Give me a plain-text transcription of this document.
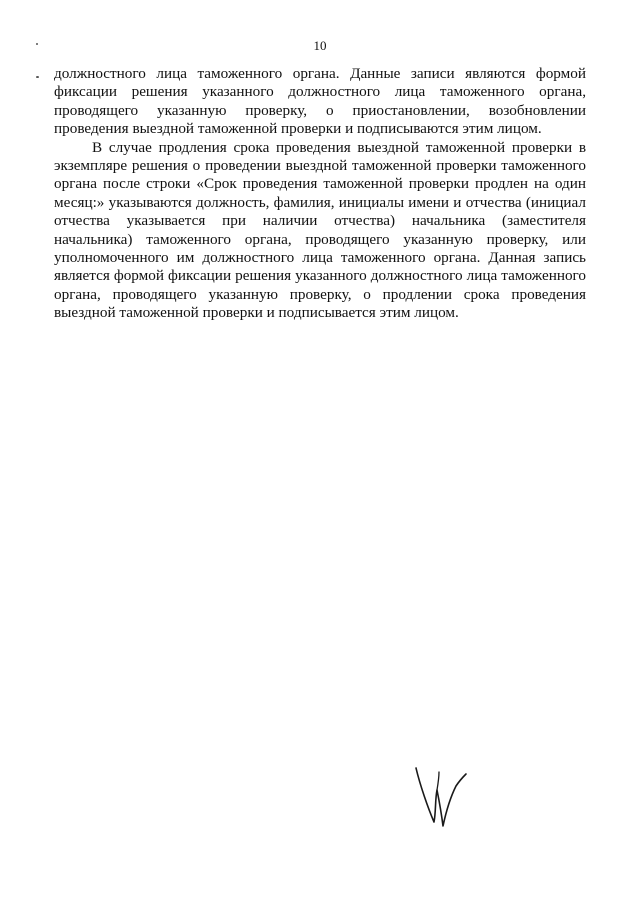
10

должностного лица таможенного органа. Данные записи являются формой фиксации решения указанного должностного лица таможенного органа, проводящего указанную проверку, о приостановлении, возобновлении проведения выездной таможенной проверки и подписываются этим лицом.

В случае продления срока проведения выездной таможенной проверки в экземпляре решения о проведении выездной таможенной проверки таможенного органа после строки «Срок проведения таможенной проверки продлен на один месяц:» указываются должность, фамилия, инициалы имени и отчества (инициал отчества указывается при наличии отчества) начальника (заместителя начальника) таможенного органа, проводящего указанную проверку, или уполномоченного им должностного лица таможенного органа. Данная запись является формой фиксации решения указанного должностного лица таможенного органа, проводящего указанную проверку, о продлении срока проведения выездной таможенной проверки и подписывается этим лицом.
